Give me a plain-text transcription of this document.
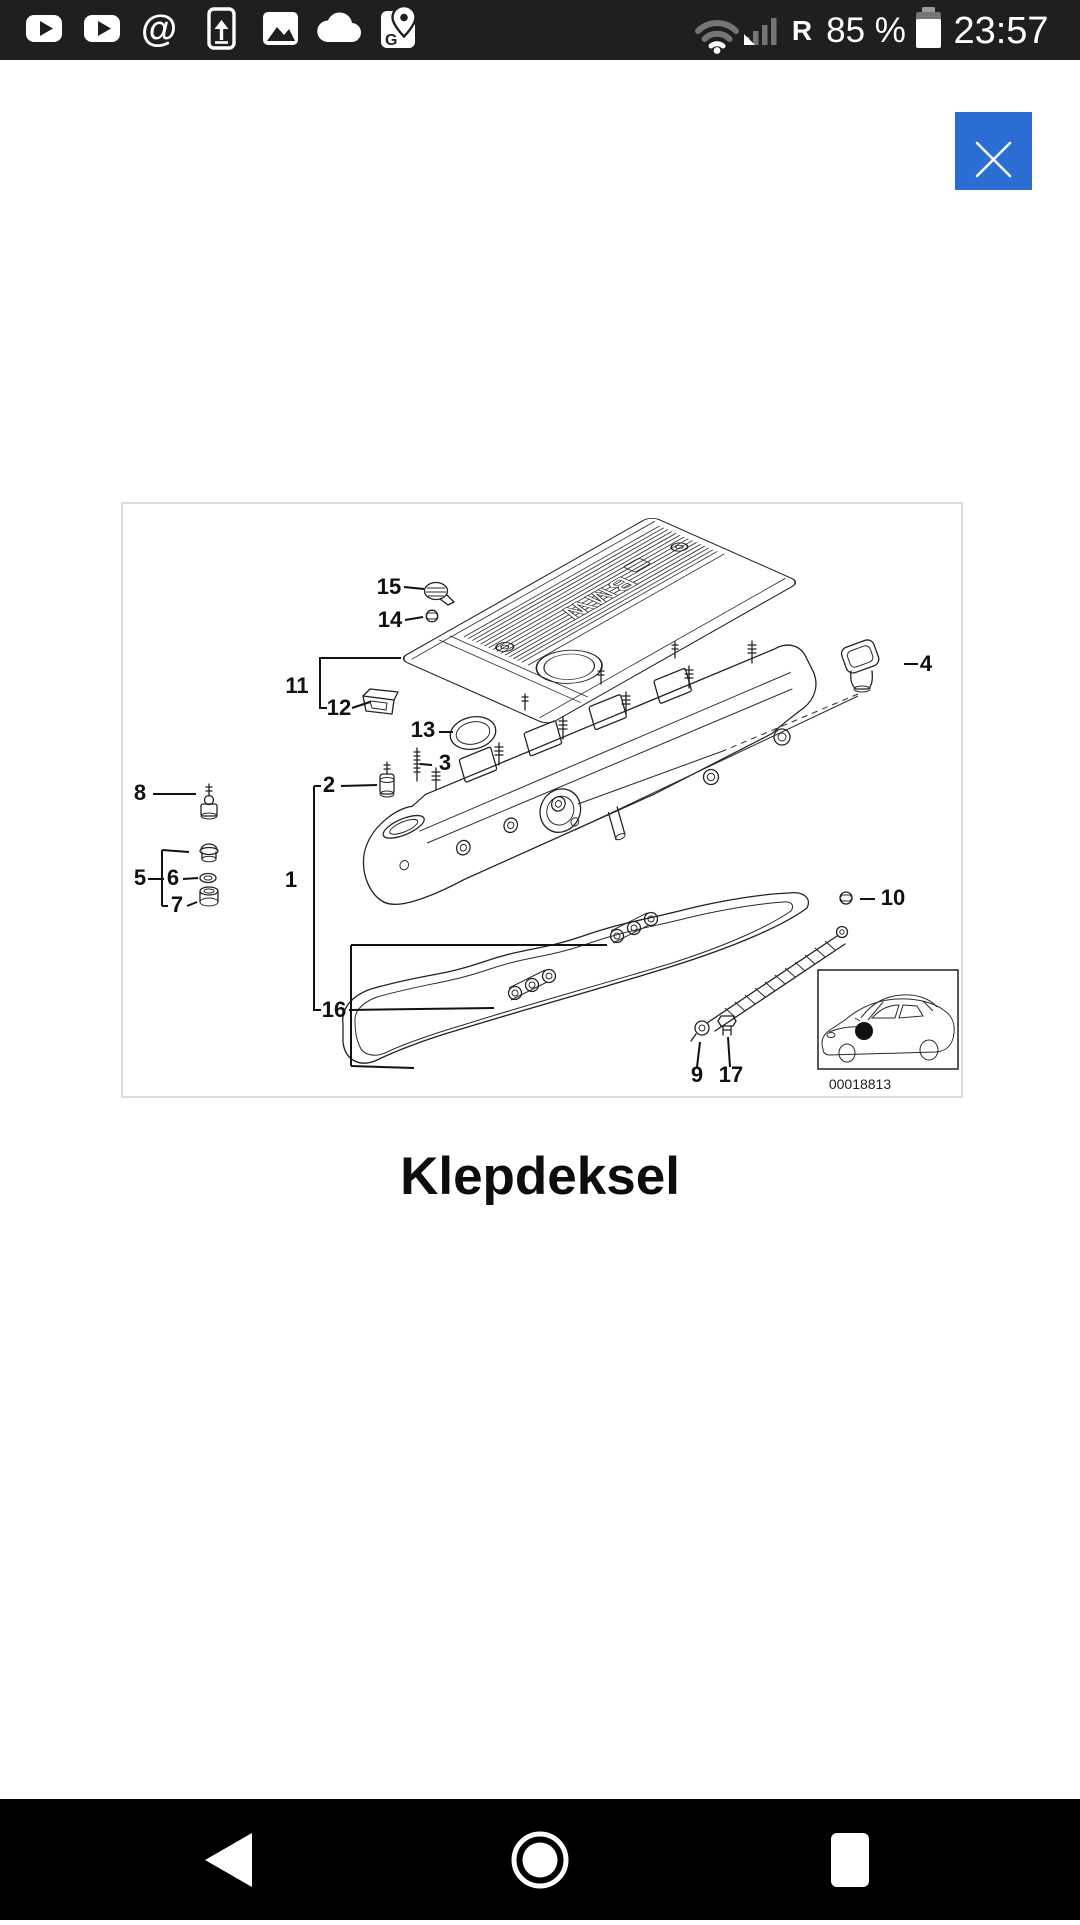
@	G	R 85 % 23:57
BMW
00018813
1
2
3
4
5 6
7
8
9
10
11
12
13
14
15
16
17
Klepdeksel
